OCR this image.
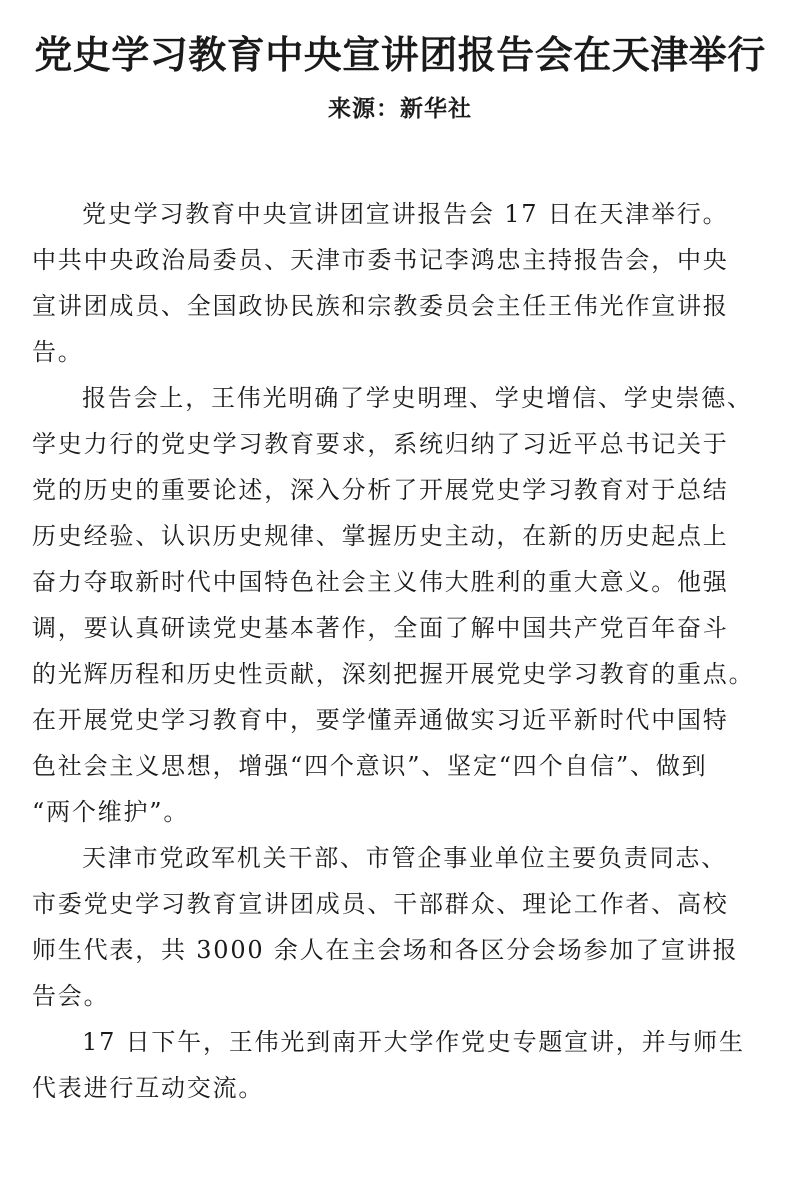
党史学习教育中央宣讲团报告会在天津举行
来源：新华社

党史学习教育中央宣讲团宣讲报告会 17 日在天津举行。
中共中央政治局委员、天津市委书记李鸿忠主持报告会，中央
宣讲团成员、全国政协民族和宗教委员会主任王伟光作宣讲报
告。

报告会上，王伟光明确了学史明理、学史增信、学史崇德、
学史力行的党史学习教育要求，系统归纳了习近平总书记关于
党的历史的重要论述，深入分析了开展党史学习教育对于总结
历史经验、认识历史规律、掌握历史主动，在新的历史起点上
奋力夺取新时代中国特色社会主义伟大胜利的重大意义。他强
调，要认真研读党史基本著作，全面了解中国共产党百年奋斗
的光辉历程和历史性贡献，深刻把握开展党史学习教育的重点。
在开展党史学习教育中，要学懂弄通做实习近平新时代中国特
色社会主义思想，增强“四个意识”、坚定“四个自信”、做到
“两个维护”。

天津市党政军机关干部、市管企事业单位主要负责同志、
市委党史学习教育宣讲团成员、干部群众、理论工作者、高校
师生代表，共 3000 余人在主会场和各区分会场参加了宣讲报
告会。

17 日下午，王伟光到南开大学作党史专题宣讲，并与师生
代表进行互动交流。
